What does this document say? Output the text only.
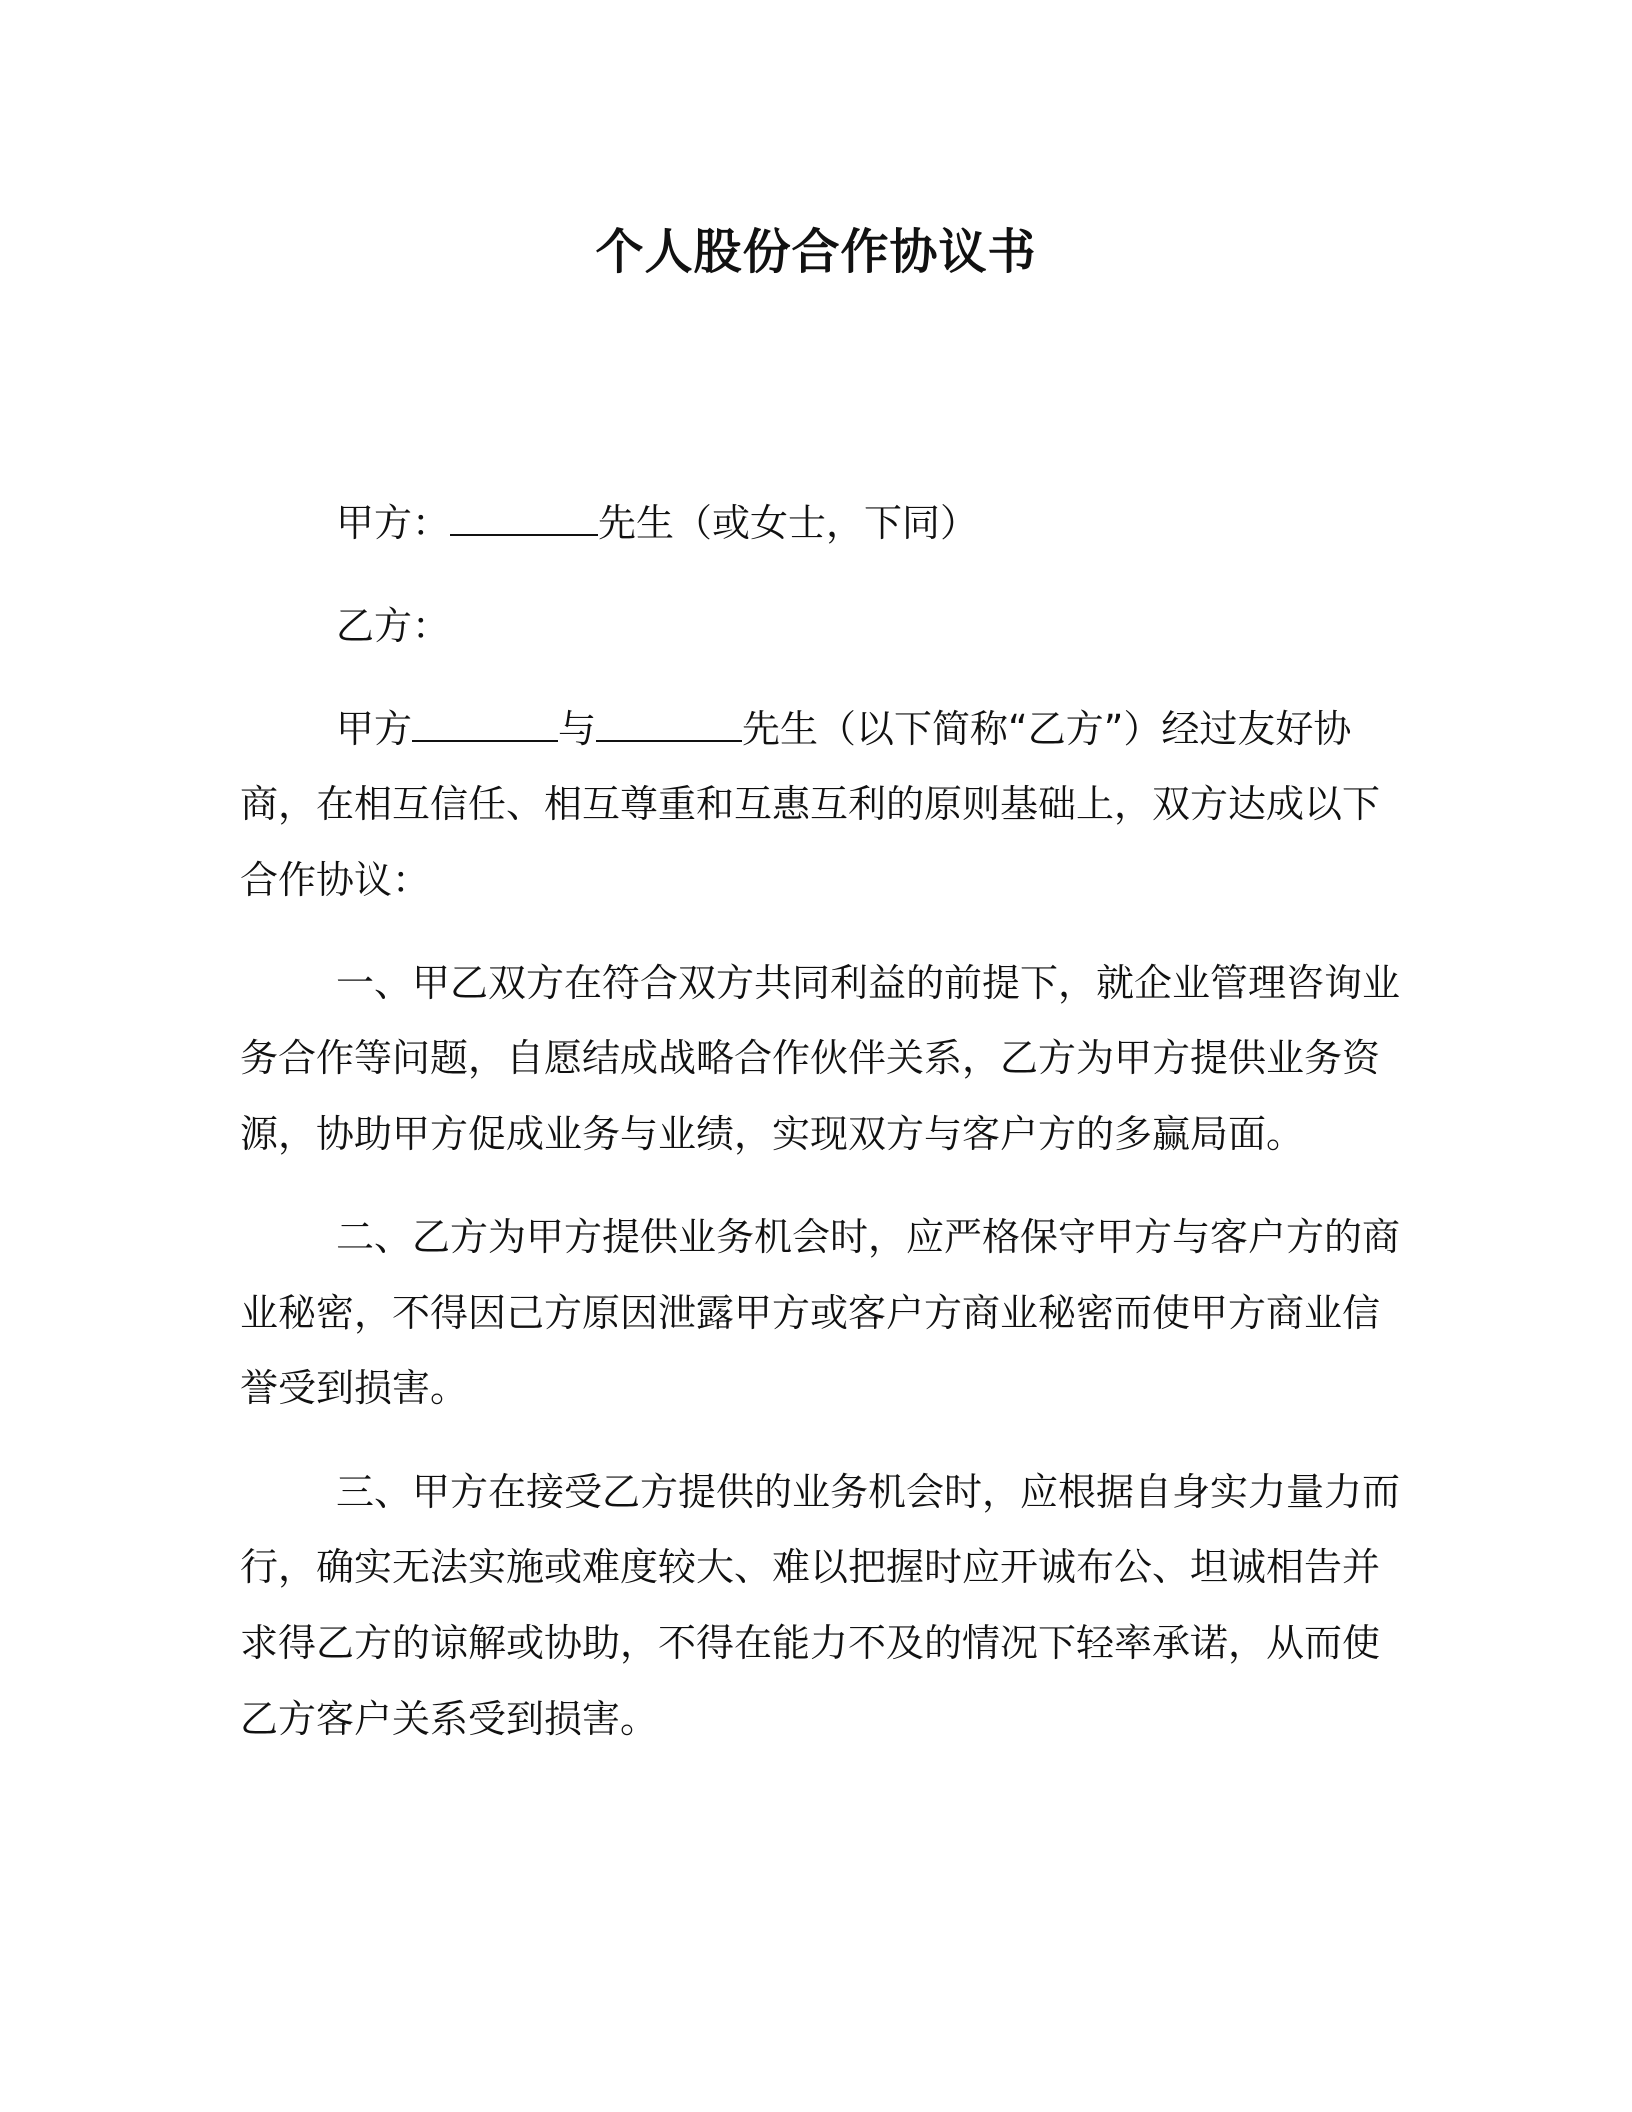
个人股份合作协议书
甲方：	先生（或女士，下同）
乙方：
甲方	与	先生（以下简称“乙方”）经过友好协
商，在相互信任、相互尊重和互惠互利的原则基础上，双方达成以下
合作协议：
一、甲乙双方在符合双方共同利益的前提下，就企业管理咨询业
务合作等问题，自愿结成战略合作伙伴关系，乙方为甲方提供业务资
源，协助甲方促成业务与业绩，实现双方与客户方的多赢局面。
二、乙方为甲方提供业务机会时，应严格保守甲方与客户方的商
业秘密，不得因己方原因泄露甲方或客户方商业秘密而使甲方商业信
誉受到损害。
三、甲方在接受乙方提供的业务机会时，应根据自身实力量力而
行，确实无法实施或难度较大、难以把握时应开诚布公、坦诚相告并
求得乙方的谅解或协助，不得在能力不及的情况下轻率承诺，从而使
乙方客户关系受到损害。
